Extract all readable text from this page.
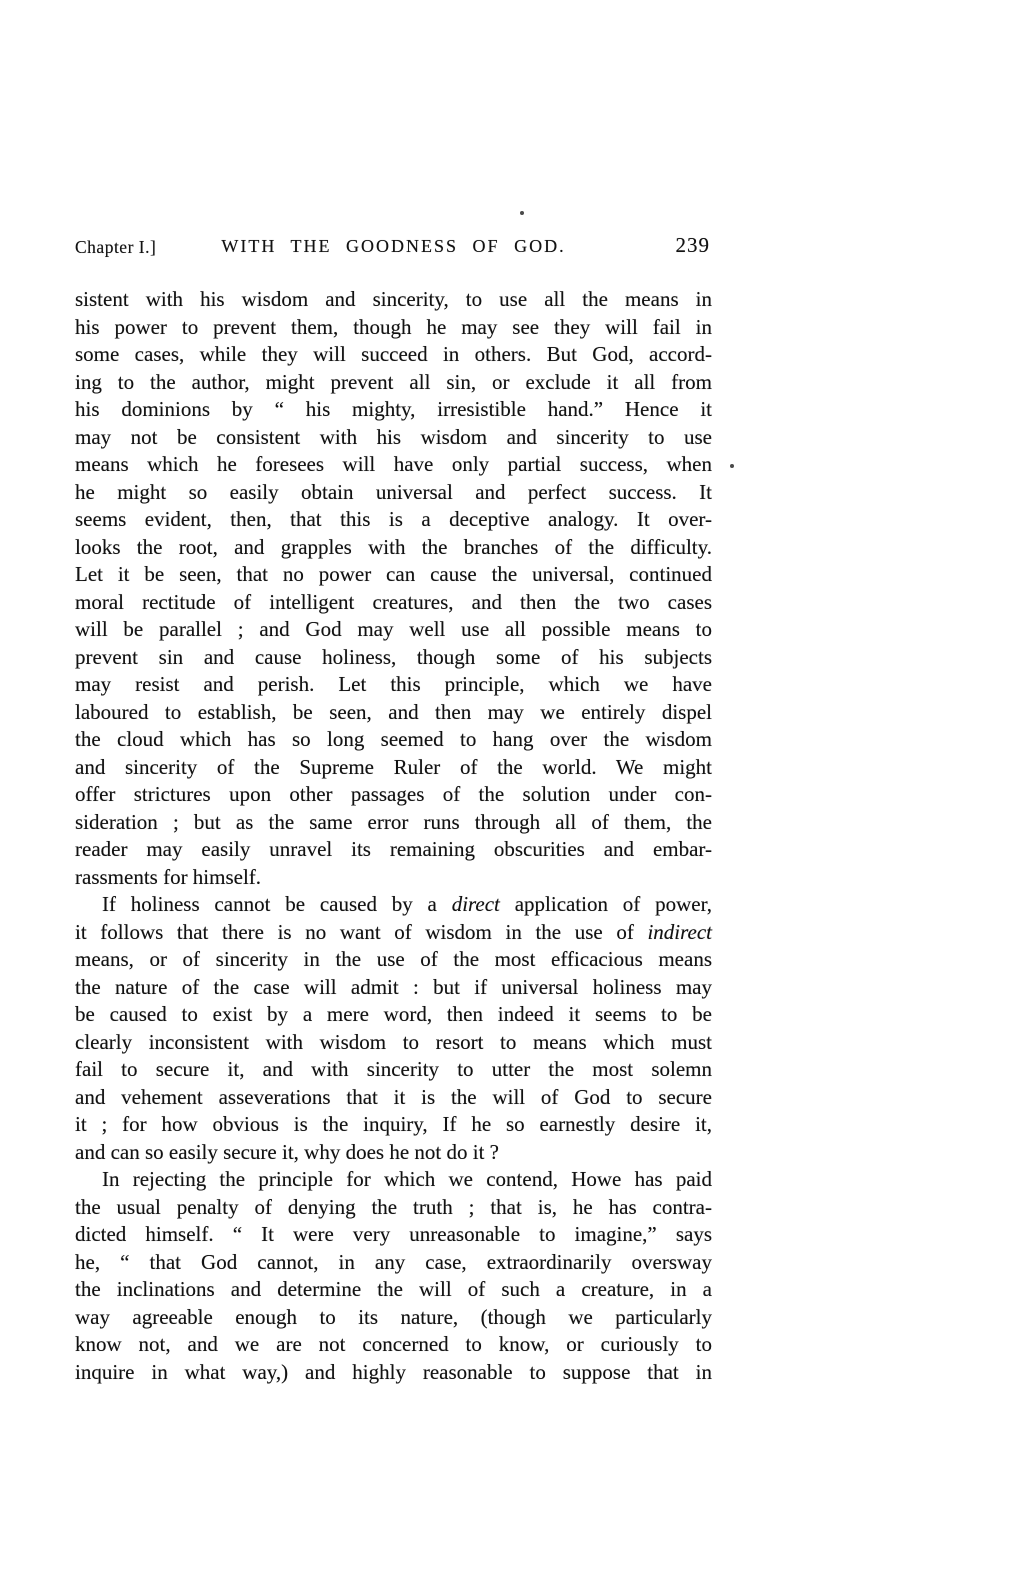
Chapter I.]	WITH THE GOODNESS OF GOD.	239
sistent with his wisdom and sincerity, to use all the means in
his power to prevent them, though he may see they will fail in
some cases, while they will succeed in others. But God, accord-
ing to the author, might prevent all sin, or exclude it all from
his dominions by “ his mighty, irresistible hand.” Hence it
may not be consistent with his wisdom and sincerity to use
means which he foresees will have only partial success, when
he might so easily obtain universal and perfect success. It
seems evident, then, that this is a deceptive analogy. It over-
looks the root, and grapples with the branches of the difficulty.
Let it be seen, that no power can cause the universal, continued
moral rectitude of intelligent creatures, and then the two cases
will be parallel ; and God may well use all possible means to
prevent sin and cause holiness, though some of his subjects
may resist and perish. Let this principle, which we have
laboured to establish, be seen, and then may we entirely dispel
the cloud which has so long seemed to hang over the wisdom
and sincerity of the Supreme Ruler of the world. We might
offer strictures upon other passages of the solution under con-
sideration ; but as the same error runs through all of them, the
reader may easily unravel its remaining obscurities and embar-
rassments for himself.
If holiness cannot be caused by a direct application of power,
it follows that there is no want of wisdom in the use of indirect
means, or of sincerity in the use of the most efficacious means
the nature of the case will admit : but if universal holiness may
be caused to exist by a mere word, then indeed it seems to be
clearly inconsistent with wisdom to resort to means which must
fail to secure it, and with sincerity to utter the most solemn
and vehement asseverations that it is the will of God to secure
it ; for how obvious is the inquiry, If he so earnestly desire it,
and can so easily secure it, why does he not do it ?
In rejecting the principle for which we contend, Howe has paid
the usual penalty of denying the truth ; that is, he has contra-
dicted himself. “ It were very unreasonable to imagine,” says
he, “ that God cannot, in any case, extraordinarily oversway
the inclinations and determine the will of such a creature, in a
way agreeable enough to its nature, (though we particularly
know not, and we are not concerned to know, or curiously to
inquire in what way,) and highly reasonable to suppose that in
